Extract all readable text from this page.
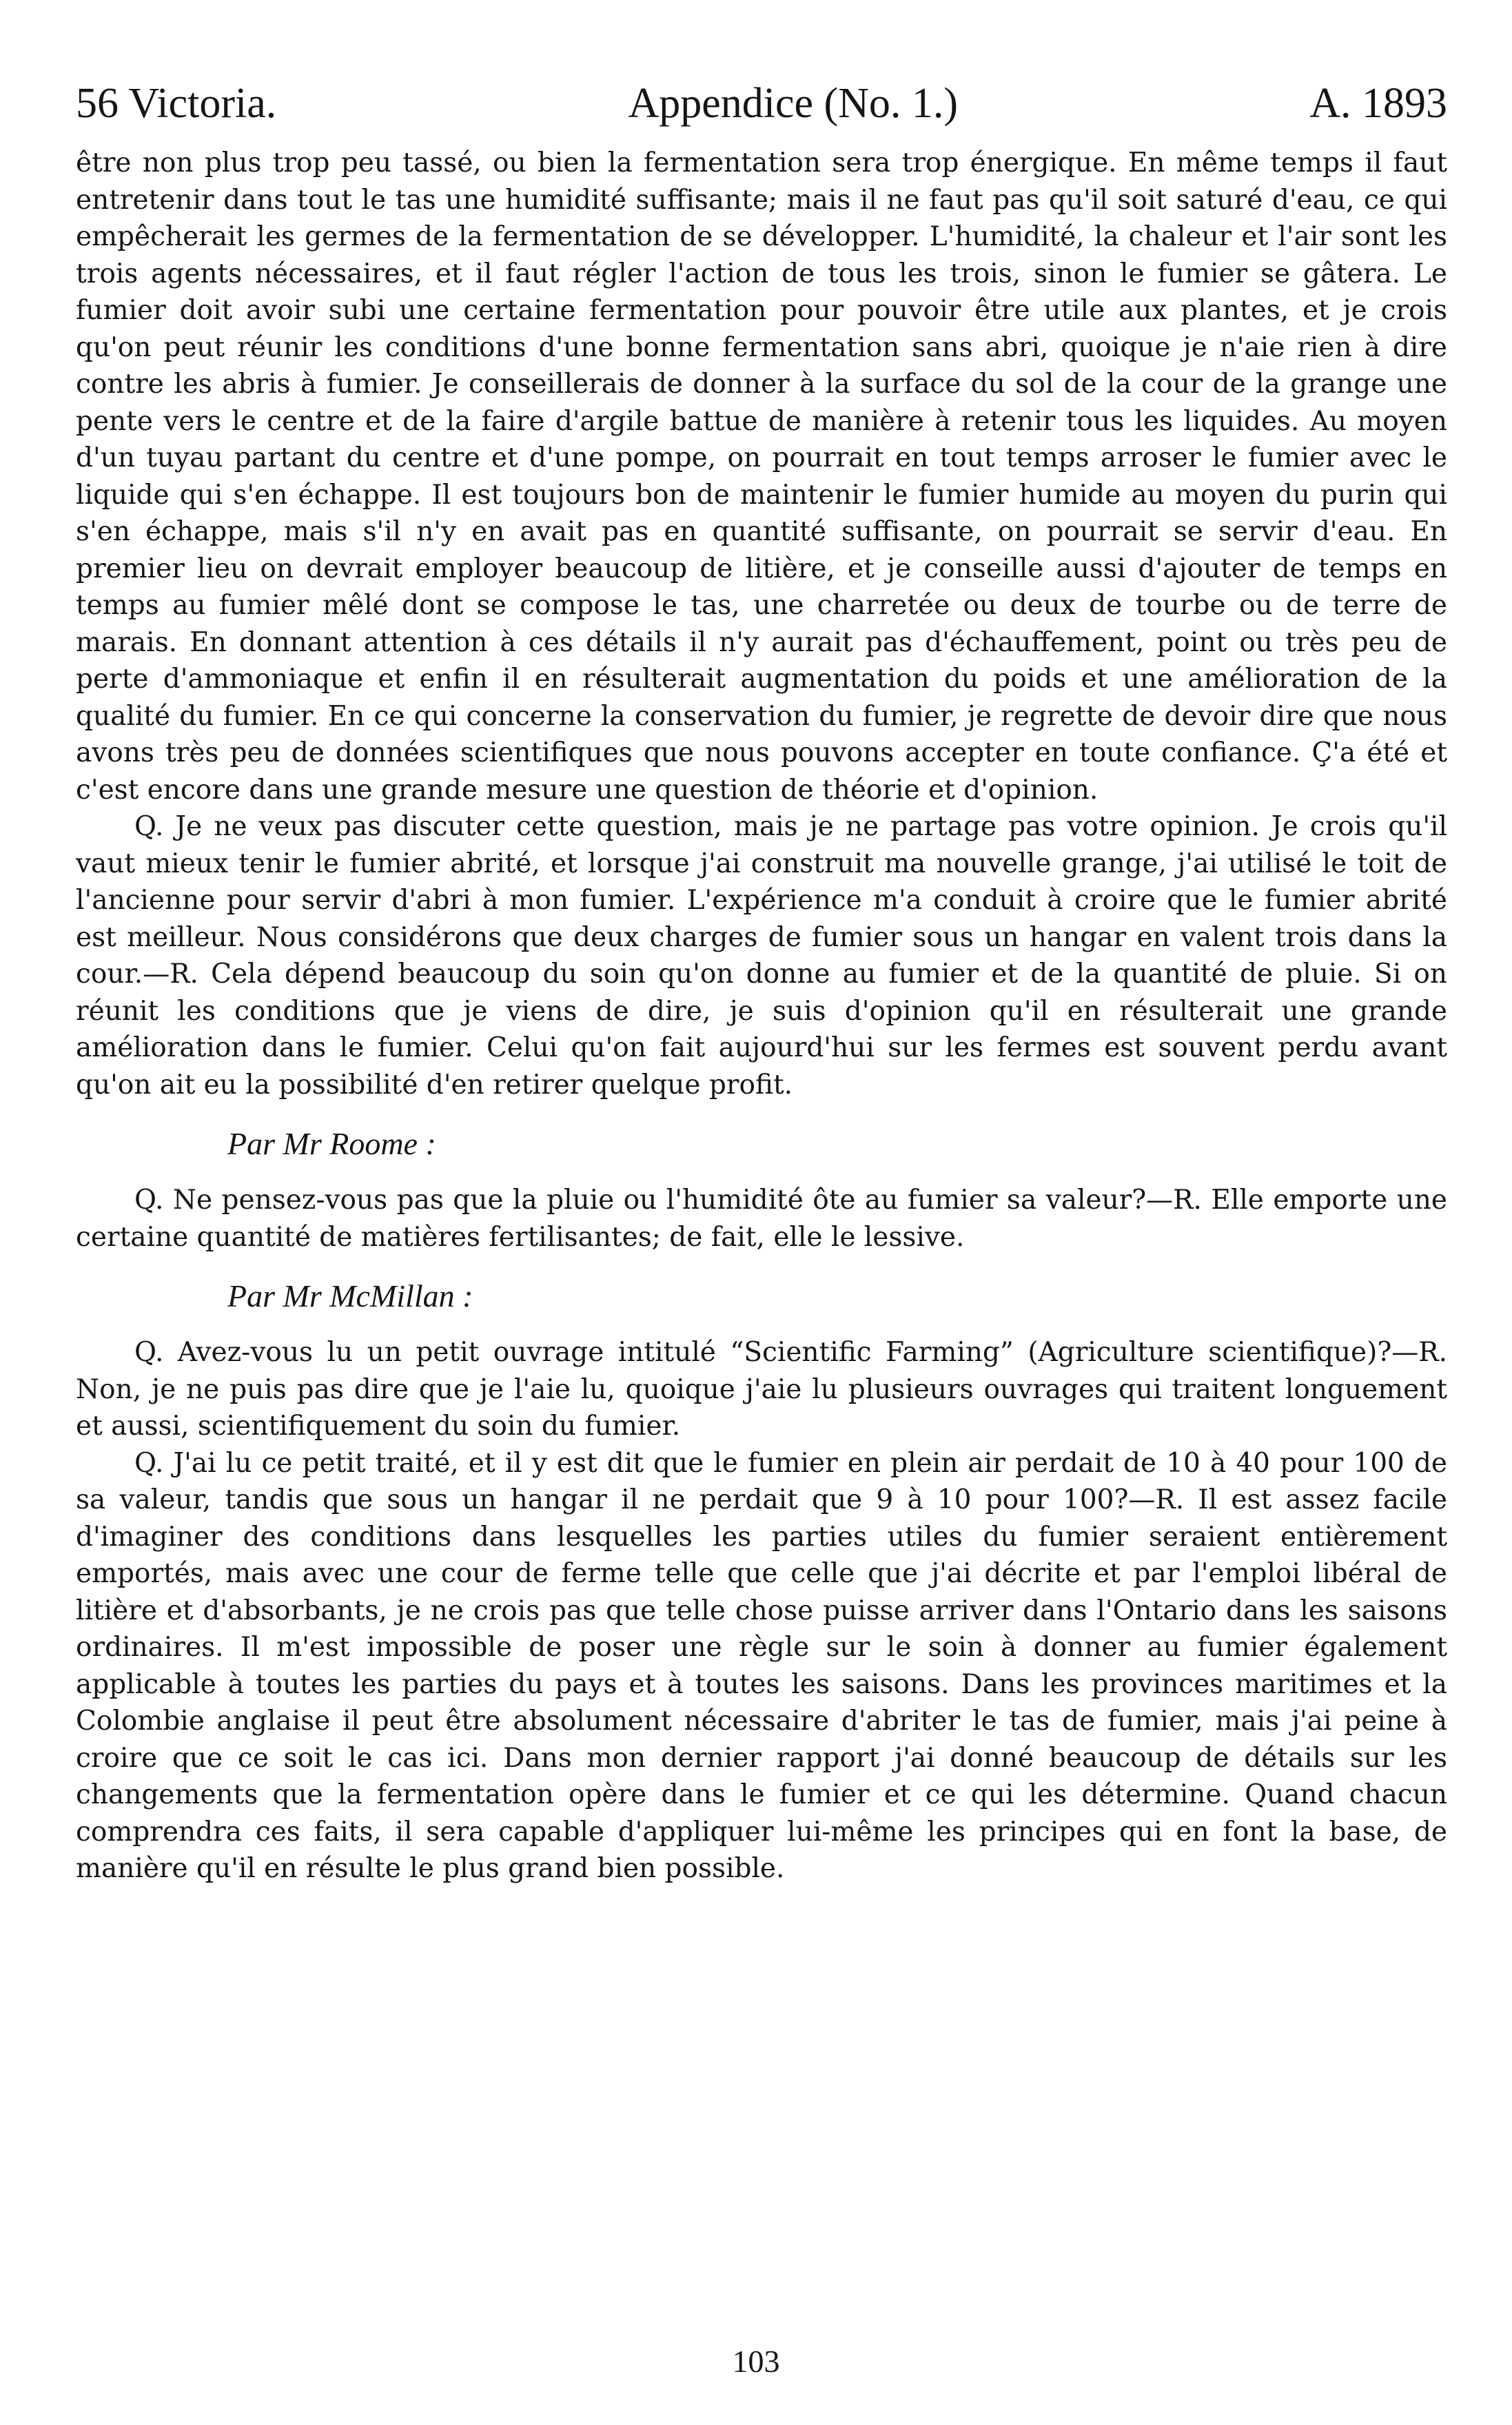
56 Victoria.	Appendice (No. 1.)	A. 1893

être non plus trop peu tassé, ou bien la fermentation sera trop énergique. En même temps il faut entretenir dans tout le tas une humidité suffisante; mais il ne faut pas qu'il soit saturé d'eau, ce qui empêcherait les germes de la fermentation de se développer. L'humidité, la chaleur et l'air sont les trois agents nécessaires, et il faut régler l'action de tous les trois, sinon le fumier se gâtera. Le fumier doit avoir subi une certaine fermentation pour pouvoir être utile aux plantes, et je crois qu'on peut réunir les conditions d'une bonne fermentation sans abri, quoique je n'aie rien à dire contre les abris à fumier. Je conseillerais de donner à la surface du sol de la cour de la grange une pente vers le centre et de la faire d'argile battue de manière à retenir tous les liquides. Au moyen d'un tuyau partant du centre et d'une pompe, on pourrait en tout temps arroser le fumier avec le liquide qui s'en échappe. Il est toujours bon de maintenir le fumier humide au moyen du purin qui s'en échappe, mais s'il n'y en avait pas en quantité suffisante, on pourrait se servir d'eau. En premier lieu on devrait employer beaucoup de litière, et je conseille aussi d'ajouter de temps en temps au fumier mêlé dont se compose le tas, une charretée ou deux de tourbe ou de terre de marais. En donnant attention à ces détails il n'y aurait pas d'échauffement, point ou très peu de perte d'ammoniaque et enfin il en résulterait augmentation du poids et une amélioration de la qualité du fumier. En ce qui concerne la conservation du fumier, je regrette de devoir dire que nous avons très peu de données scientifiques que nous pouvons accepter en toute confiance. Ç'a été et c'est encore dans une grande mesure une question de théorie et d'opinion.

Q. Je ne veux pas discuter cette question, mais je ne partage pas votre opinion. Je crois qu'il vaut mieux tenir le fumier abrité, et lorsque j'ai construit ma nouvelle grange, j'ai utilisé le toit de l'ancienne pour servir d'abri à mon fumier. L'expérience m'a conduit à croire que le fumier abrité est meilleur. Nous considérons que deux charges de fumier sous un hangar en valent trois dans la cour.—R. Cela dépend beaucoup du soin qu'on donne au fumier et de la quantité de pluie. Si on réunit les conditions que je viens de dire, je suis d'opinion qu'il en résulterait une grande amélioration dans le fumier. Celui qu'on fait aujourd'hui sur les fermes est souvent perdu avant qu'on ait eu la possibilité d'en retirer quelque profit.

Par Mr Roome :

Q. Ne pensez-vous pas que la pluie ou l'humidité ôte au fumier sa valeur?—R. Elle emporte une certaine quantité de matières fertilisantes; de fait, elle le lessive.

Par Mr McMillan :

Q. Avez-vous lu un petit ouvrage intitulé “Scientific Farming” (Agriculture scientifique)?—R. Non, je ne puis pas dire que je l'aie lu, quoique j'aie lu plusieurs ouvrages qui traitent longuement et aussi, scientifiquement du soin du fumier.

Q. J'ai lu ce petit traité, et il y est dit que le fumier en plein air perdait de 10 à 40 pour 100 de sa valeur, tandis que sous un hangar il ne perdait que 9 à 10 pour 100?—R. Il est assez facile d'imaginer des conditions dans lesquelles les parties utiles du fumier seraient entièrement emportés, mais avec une cour de ferme telle que celle que j'ai décrite et par l'emploi libéral de litière et d'absorbants, je ne crois pas que telle chose puisse arriver dans l'Ontario dans les saisons ordinaires. Il m'est impossible de poser une règle sur le soin à donner au fumier également applicable à toutes les parties du pays et à toutes les saisons. Dans les provinces maritimes et la Colombie anglaise il peut être absolument nécessaire d'abriter le tas de fumier, mais j'ai peine à croire que ce soit le cas ici. Dans mon dernier rapport j'ai donné beaucoup de détails sur les changements que la fermentation opère dans le fumier et ce qui les détermine. Quand chacun comprendra ces faits, il sera capable d'appliquer lui-même les principes qui en font la base, de manière qu'il en résulte le plus grand bien possible.

103
